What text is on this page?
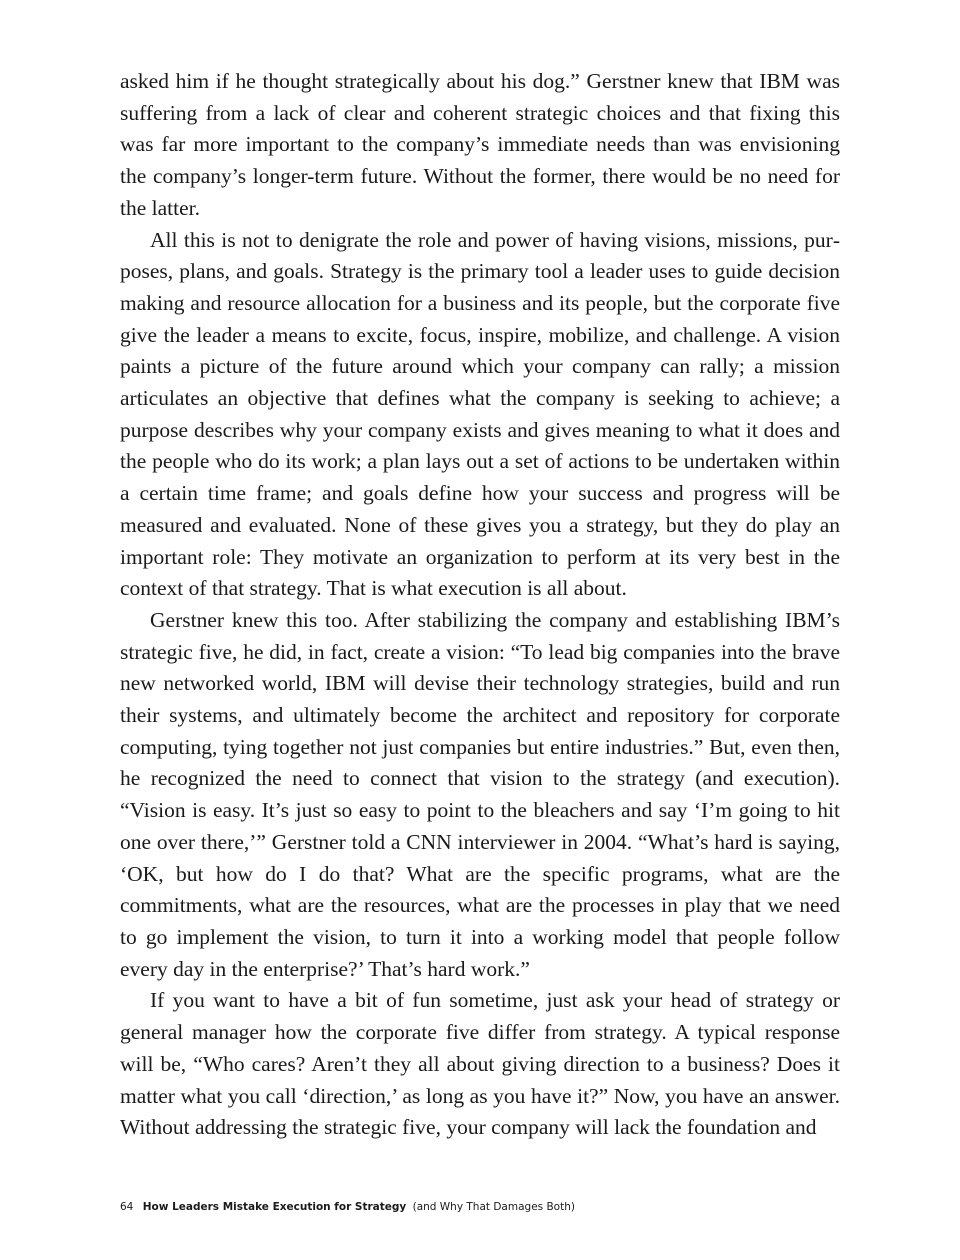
asked him if he thought strategically about his dog.” Gerstner knew that IBM was suffering from a lack of clear and coherent strategic choices and that fixing this was far more important to the company’s immediate needs than was envisioning the company’s longer-term future. Without the former, there would be no need for the latter.

All this is not to denigrate the role and power of having visions, missions, purposes, plans, and goals. Strategy is the primary tool a leader uses to guide decision making and resource allocation for a business and its people, but the corporate five give the leader a means to excite, focus, inspire, mobilize, and challenge. A vision paints a picture of the future around which your company can rally; a mission articulates an objective that defines what the company is seeking to achieve; a purpose describes why your company exists and gives meaning to what it does and the people who do its work; a plan lays out a set of actions to be undertaken within a certain time frame; and goals define how your success and progress will be measured and evaluated. None of these gives you a strategy, but they do play an important role: They motivate an organization to perform at its very best in the context of that strategy. That is what execution is all about.

Gerstner knew this too. After stabilizing the company and establishing IBM’s strategic five, he did, in fact, create a vision: “To lead big companies into the brave new networked world, IBM will devise their technology strategies, build and run their systems, and ultimately become the architect and repository for corporate computing, tying together not just companies but entire industries.” But, even then, he recognized the need to connect that vision to the strategy (and execution). “Vision is easy. It’s just so easy to point to the bleachers and say ‘I’m going to hit one over there,’” Gerstner told a CNN interviewer in 2004. “What’s hard is saying, ‘OK, but how do I do that? What are the specific programs, what are the commitments, what are the resources, what are the processes in play that we need to go implement the vision, to turn it into a working model that people follow every day in the enterprise?’ That’s hard work.”

If you want to have a bit of fun sometime, just ask your head of strategy or general manager how the corporate five differ from strategy. A typical response will be, “Who cares? Aren’t they all about giving direction to a business? Does it matter what you call ‘direction,’ as long as you have it?” Now, you have an answer. Without addressing the strategic five, your company will lack the foundation and

64 How Leaders Mistake Execution for Strategy (and Why That Damages Both)
